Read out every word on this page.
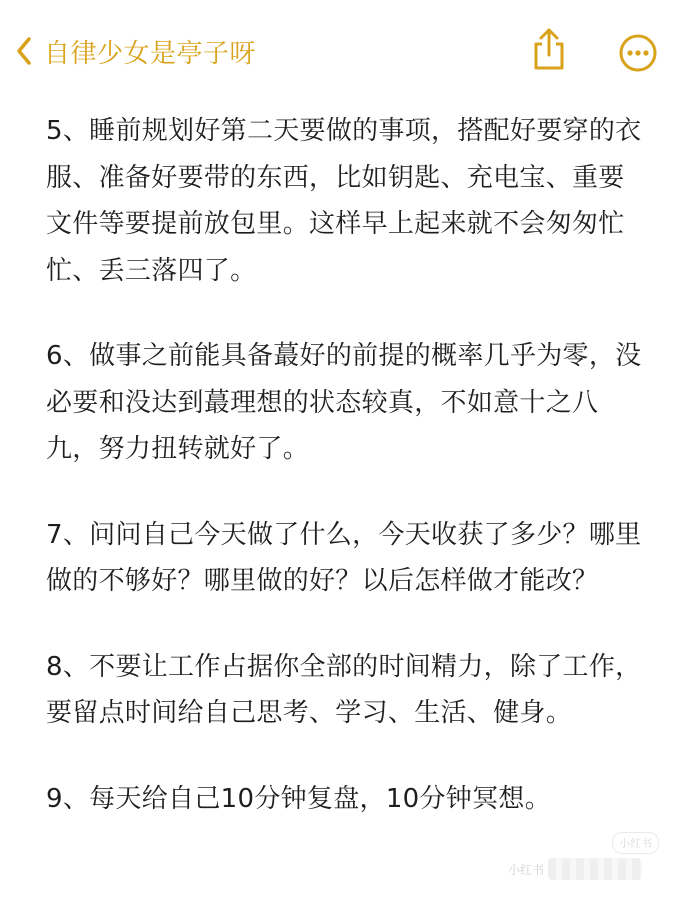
自律少女是亭子呀

5、睡前规划好第二天要做的事项，搭配好要穿的衣服、准备好要带的东西，比如钥匙、充电宝、重要文件等要提前放包里。这样早上起来就不会匆匆忙忙、丢三落四了。

6、做事之前能具备蕞好的前提的概率几乎为零，没必要和没达到蕞理想的状态较真，不如意十之八九，努力扭转就好了。

7、问问自己今天做了什么，今天收获了多少？哪里做的不够好？哪里做的好？以后怎样做才能改？

8、不要让工作占据你全部的时间精力，除了工作，要留点时间给自己思考、学习、生活、健身。

9、每天给自己10分钟复盘，10分钟冥想。

小红书
小红书
